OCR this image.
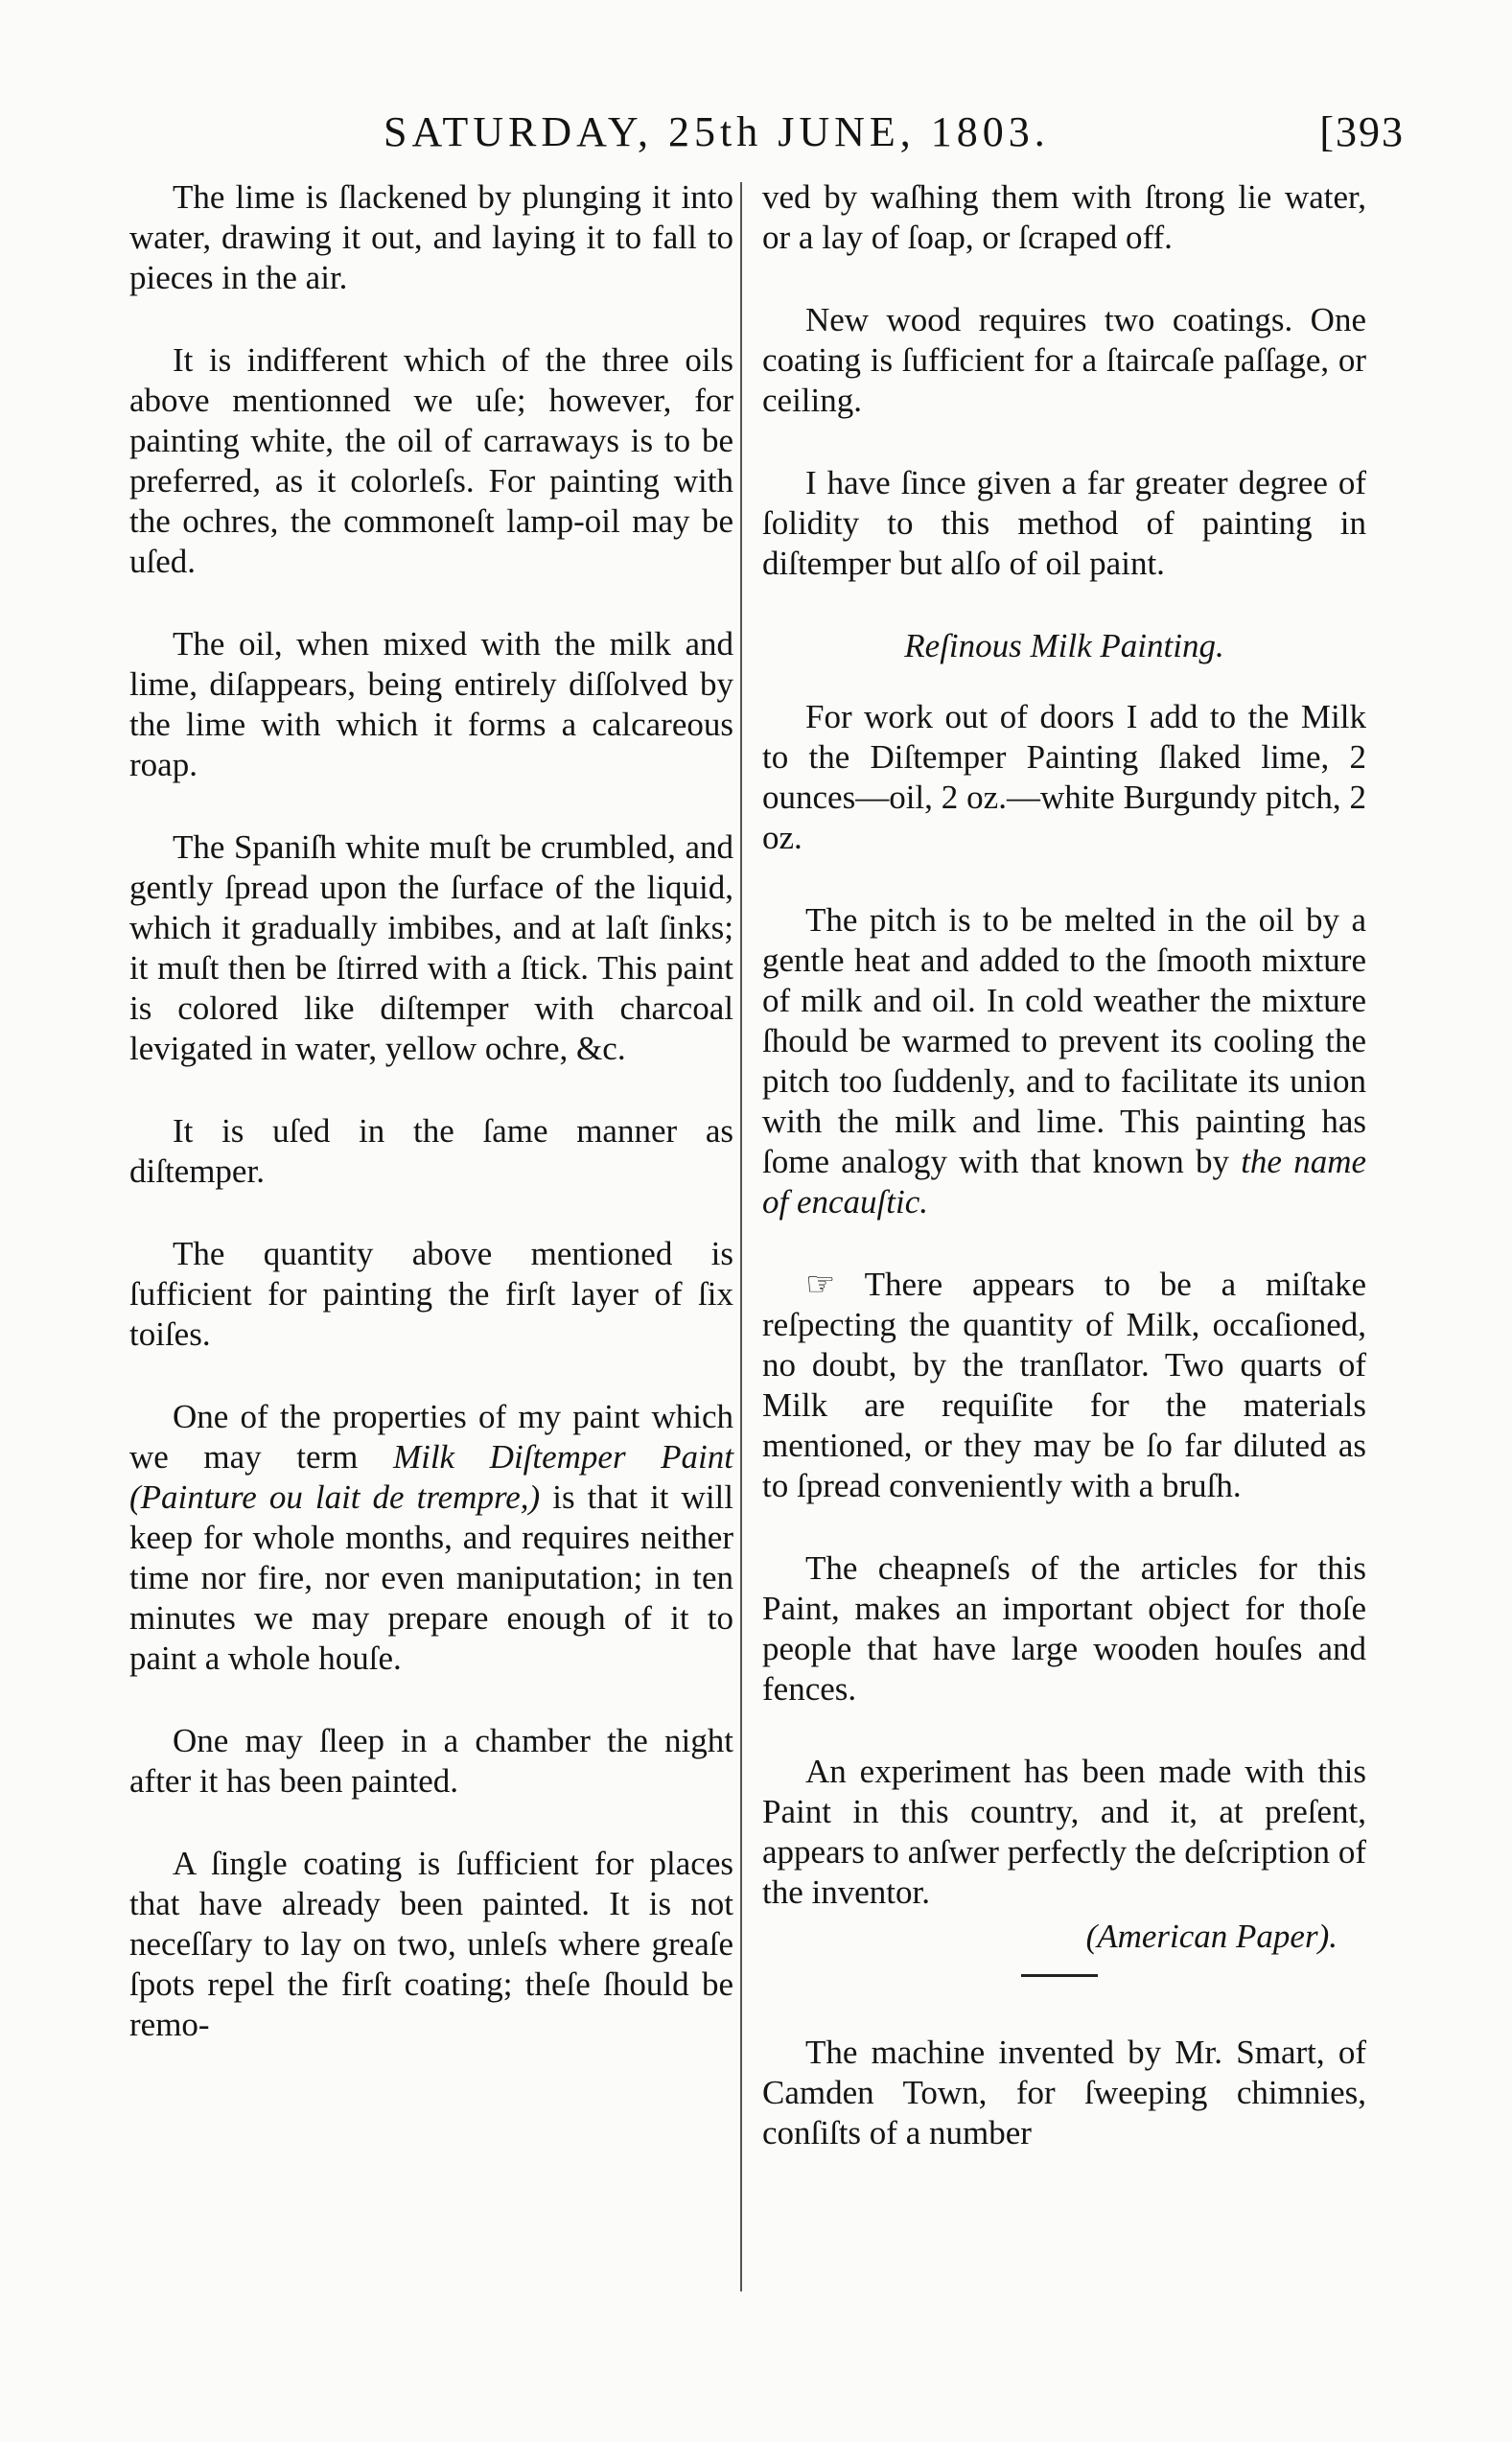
SATURDAY, 25th JUNE, 1803.	[393

The lime is ſlackened by plunging it into water, drawing it out, and laying it to fall to pieces in the air.

It is indifferent which of the three oils above mentionned we uſe; however, for painting white, the oil of carraways is to be preferred, as it colorleſs. For painting with the ochres, the commoneſt lamp-oil may be uſed.

The oil, when mixed with the milk and lime, diſappears, being entirely diſſolved by the lime with which it forms a calcareous roap.

The Spaniſh white muſt be crumbled, and gently ſpread upon the ſurface of the liquid, which it gradually imbibes, and at laſt ſinks; it muſt then be ſtirred with a ſtick. This paint is colored like diſtemper with charcoal levigated in water, yellow ochre, &c.

It is uſed in the ſame manner as diſtemper.

The quantity above mentioned is ſufficient for painting the firſt layer of ſix toiſes.

One of the properties of my paint which we may term Milk Diſtemper Paint (Painture ou lait de trempre,) is that it will keep for whole months, and requires neither time nor fire, nor even maniputation; in ten minutes we may prepare enough of it to paint a whole houſe.

One may ſleep in a chamber the night after it has been painted.

A ſingle coating is ſufficient for places that have already been painted. It is not neceſſary to lay on two, unleſs where greaſe ſpots repel the firſt coating; theſe ſhould be remo-

ved by waſhing them with ſtrong lie water, or a lay of ſoap, or ſcraped off.

New wood requires two coatings. One coating is ſufficient for a ſtaircaſe paſſage, or ceiling.

I have ſince given a far greater degree of ſolidity to this method of painting in diſtemper but alſo of oil paint.

Reſinous Milk Painting.

For work out of doors I add to the Milk to the Diſtemper Painting ſlaked lime, 2 ounces—oil, 2 oz.—white Burgundy pitch, 2 oz.

The pitch is to be melted in the oil by a gentle heat and added to the ſmooth mixture of milk and oil. In cold weather the mixture ſhould be warmed to prevent its cooling the pitch too ſuddenly, and to facilitate its union with the milk and lime. This painting has ſome analogy with that known by the name of encauſtic.

☞ There appears to be a miſtake reſpecting the quantity of Milk, occaſioned, no doubt, by the tranſlator. Two quarts of Milk are requiſite for the materials mentioned, or they may be ſo far diluted as to ſpread conveniently with a bruſh.

The cheapneſs of the articles for this Paint, makes an important object for thoſe people that have large wooden houſes and fences.

An experiment has been made with this Paint in this country, and it, at preſent, appears to anſwer perfectly the deſcription of the inventor.

(American Paper).

The machine invented by Mr. Smart, of Camden Town, for ſweeping chimnies, conſiſts of a number
